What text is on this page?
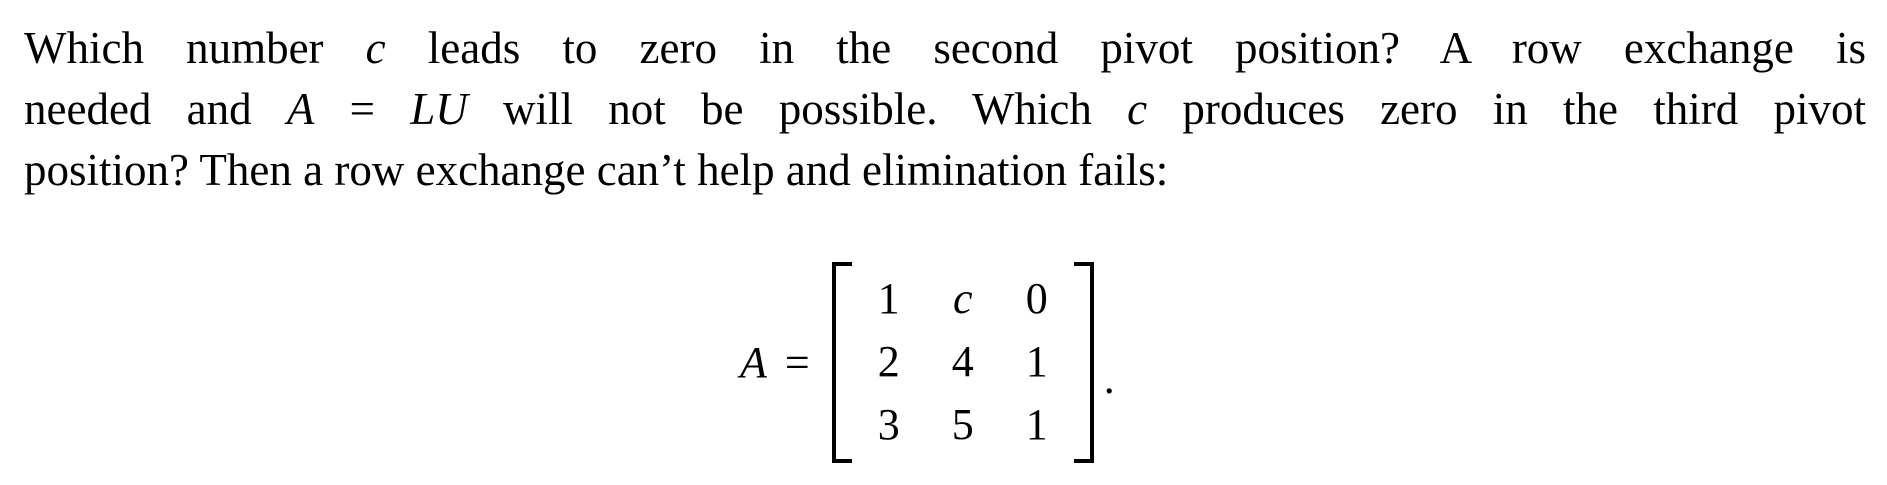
Which number c leads to zero in the second pivot position? A row exchange is
needed and A = LU will not be possible. Which c produces zero in the third pivot
position? Then a row exchange can’t help and elimination fails:
A =
1 c 0
2 4 1
3 5 1
.
